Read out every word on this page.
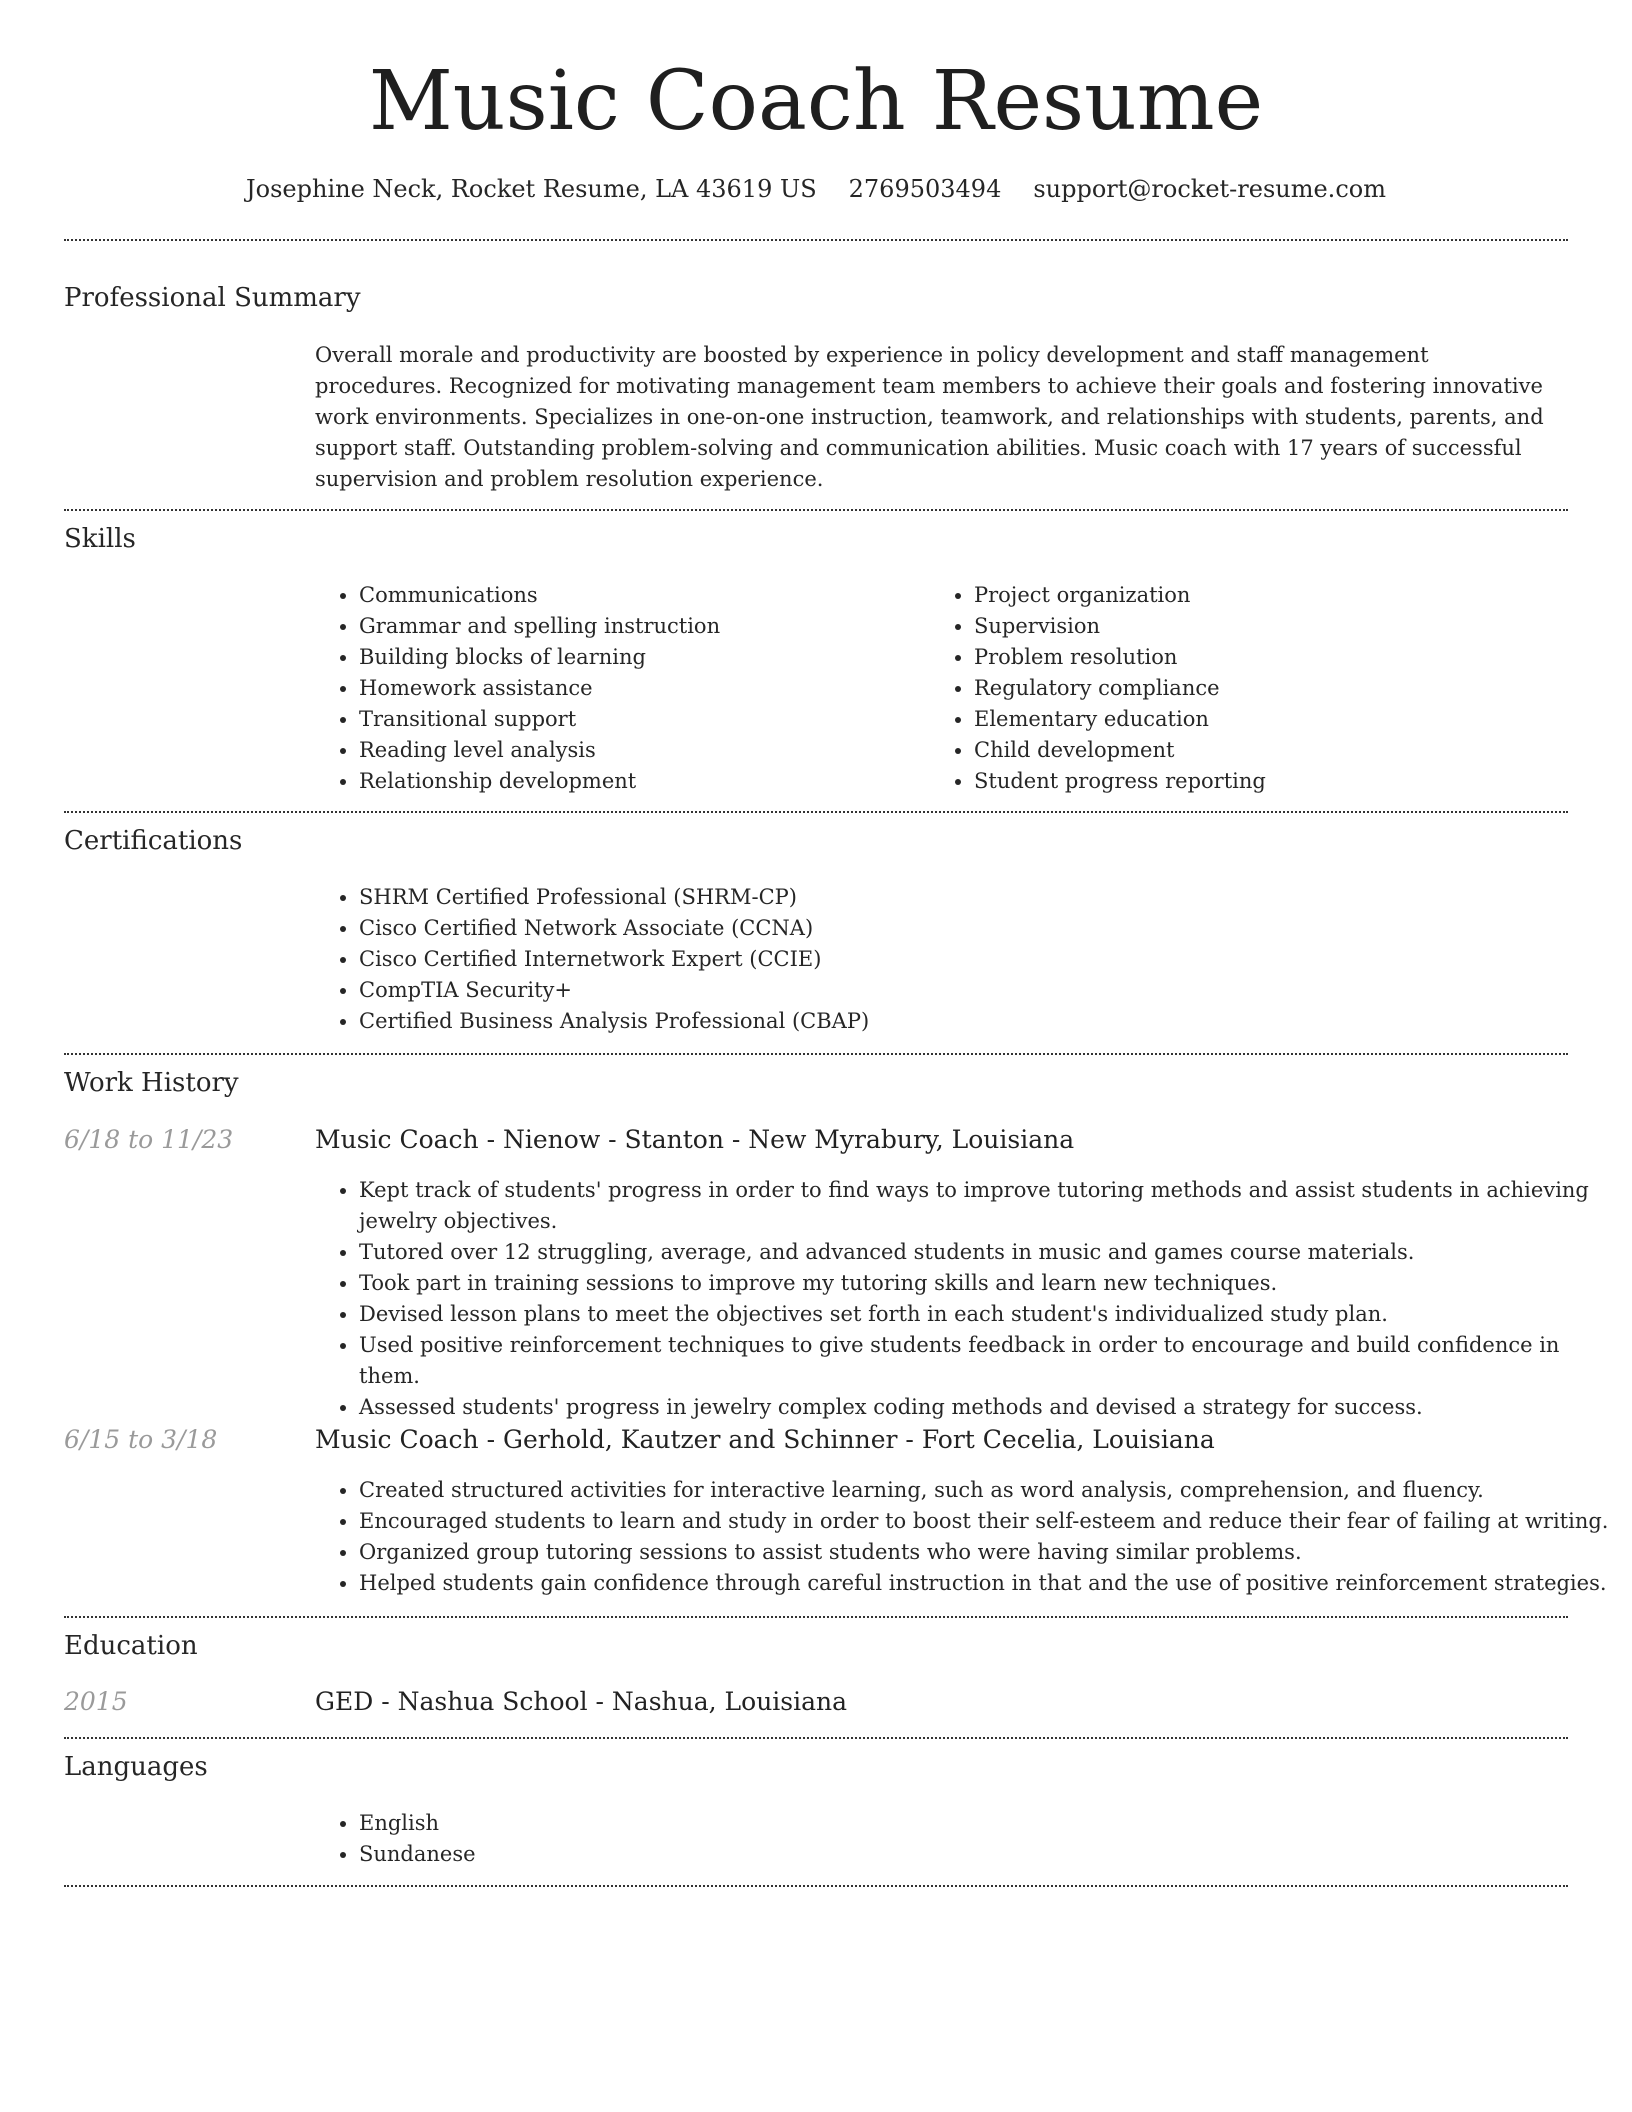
Music Coach Resume
Josephine Neck, Rocket Resume, LA 43619 US 2769503494 support@rocket-resume.com
Professional Summary

Overall morale and productivity are boosted by experience in policy development and staff management procedures. Recognized for motivating management team members to achieve their goals and fostering innovative work environments. Specializes in one-on-one instruction, teamwork, and relationships with students, parents, and support staff. Outstanding problem-solving and communication abilities. Music coach with 17 years of successful supervision and problem resolution experience.

Skills
• Communications
• Grammar and spelling instruction
• Building blocks of learning
• Homework assistance
• Transitional support
• Reading level analysis
• Relationship development
• Project organization
• Supervision
• Problem resolution
• Regulatory compliance
• Elementary education
• Child development
• Student progress reporting
Certifications
• SHRM Certified Professional (SHRM-CP)
• Cisco Certified Network Associate (CCNA)
• Cisco Certified Internetwork Expert (CCIE)
• CompTIA Security+
• Certified Business Analysis Professional (CBAP)
Work History
6/18 to 11/23	Music Coach - Nienow - Stanton - New Myrabury, Louisiana
• Kept track of students' progress in order to find ways to improve tutoring methods and assist students in achieving jewelry objectives.
• Tutored over 12 struggling, average, and advanced students in music and games course materials.
• Took part in training sessions to improve my tutoring skills and learn new techniques.
• Devised lesson plans to meet the objectives set forth in each student's individualized study plan.
• Used positive reinforcement techniques to give students feedback in order to encourage and build confidence in them.
• Assessed students' progress in jewelry complex coding methods and devised a strategy for success.
6/15 to 3/18	Music Coach - Gerhold, Kautzer and Schinner - Fort Cecelia, Louisiana
• Created structured activities for interactive learning, such as word analysis, comprehension, and fluency.
• Encouraged students to learn and study in order to boost their self-esteem and reduce their fear of failing at writing.
• Organized group tutoring sessions to assist students who were having similar problems.
• Helped students gain confidence through careful instruction in that and the use of positive reinforcement strategies.
Education
2015	GED - Nashua School - Nashua, Louisiana
Languages
• English
• Sundanese
